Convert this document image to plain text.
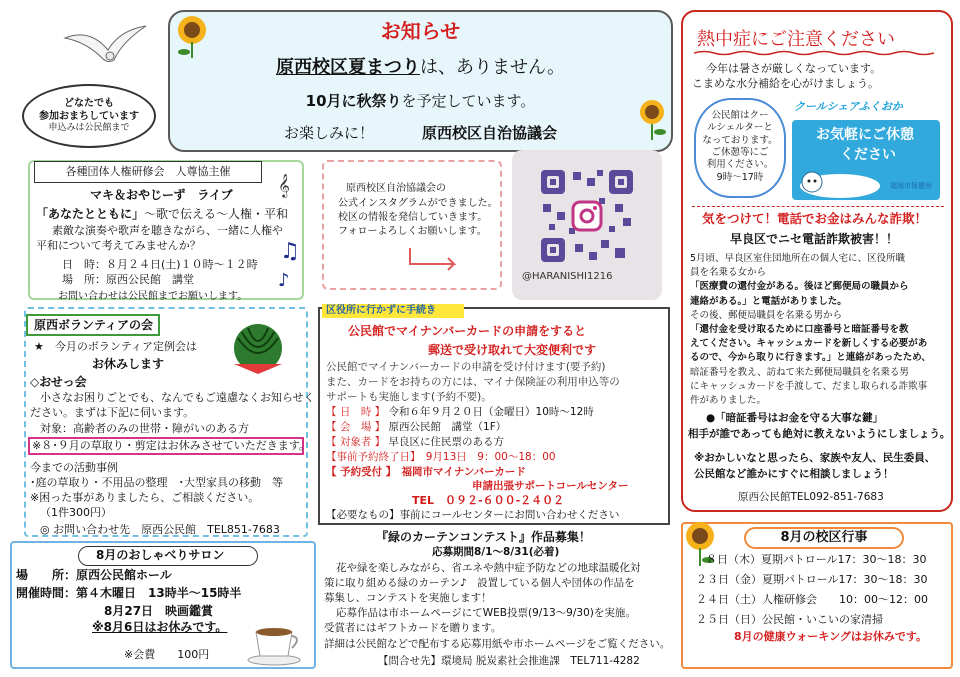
お知らせ
原西校区夏まつりは、ありません。
10月に秋祭りを予定しています。
お楽しみに！	原西校区自治協議会
どなたでも
参加おまちしています
申込みは公民館まで
各種団体人権研修会　人尊協主催
マキ＆おやじーず　ライブ
「あなたとともに」～歌で伝える～人権・平和
素敵な演奏や歌声を聴きながら、一緒に人権や
平和について考えてみませんか？
日　時：８月２４日(土)１０時～１２時
場　所：原西公民館　講堂
お問い合わせは公民館までお願いします。
𝄞
♫
♪
原西ボランティアの会
★　今月のボランティア定例会は
お休みします
◇おせっ会
小さなお困りごとでも、なんでもご遠慮なくお知らせく
ださい。まずは下記に伺います。
対象：高齢者のみの世帯・障がいのある方
※８･９月の草取り・剪定はお休みさせていただきます。
今までの活動事例
･庭の草取り・不用品の整理　･大型家具の移動　等
※困った事がありましたら、ご相談ください。
（1件300円）
◎ お問い合わせ先　原西公民館　TEL851-7683
8月のおしゃべりサロン
場　　所：原西公民館ホール
開催時間：第４木曜日　13時半～15時半
8月27日　映画鑑賞
※8月6日はお休みです。
※会費　　100円
原西校区自治協議会の
公式インスタグラムができました。
校区の情報を発信していきます。
フォローよろしくお願いします。
@HARANISHI1216
区役所に行かずに手続き
公民館でマイナンバーカードの申請をすると
郵送で受け取れて大変便利です
公民館でマイナンバーカードの申請を受け付けます(要予約)
また、カードをお持ちの方には、マイナ保険証の利用申込等の
サポートも実施します(予約不要)。
【 日　時 】 令和６年９月２０日（金曜日）10時～12時
【 会　場 】 原西公民館　講堂（1F）
【 対象者 】 早良区に住民票のある方
【事前予約終了日】　9月13日　9：00～18：00
【 予約受付 】　 福岡市マイナンバーカード
申請出張サポートコールセンター
TEL　０９２-６００-２４０２
【必要なもの】事前にコールセンターにお問い合わせください
『緑のカーテンコンテスト』作品募集！
応募期間8/1～8/31(必着)
花や緑を楽しみながら、省エネや熱中症予防などの地球温暖化対
策に取り組める緑のカーテン♪　設置している個人や団体の作品を
募集し、コンテストを実施します！
応募作品は市ホームページにてWEB投票(9/13～9/30)を実施。
受賞者にはギフトカードを贈ります。
詳細は公民館などで配布する応募用紙や市ホームページをご覧ください。
【問合せ先】環境局 脱炭素社会推進課　TEL711-4282
熱中症にご注意ください
今年は暑さが厳しくなっています。
こまめな水分補給を心がけましょう。
公民館はクー
ルシェルターと
なっております。
ご休憩等にご
利用ください。
9時～17時
クールシェアふくおか
お気軽にご休憩
ください
福岡市保健所
気をつけて！電話でお金はみんな詐欺！
早良区でニセ電話詐欺被害！！
5月頃、早良区室住団地所在の個人宅に、区役所職
員を名乗る女から
「医療費の還付金がある。後ほど郵便局の職員から
連絡がある。」と電話がありました。
その後、郵便局職員を名乗る男から
「還付金を受け取るために口座番号と暗証番号を教
えてください。キャッシュカードを新しくする必要があ
るので、今から取りに行きます。」と連絡があったため、
暗証番号を教え、訪ねて来た郵便局職員を名乗る男
にキャッシュカードを手渡して、だまし取られる詐欺事
件がありました。
●「暗証番号はお金を守る大事な鍵」
相手が誰であっても絶対に教えないようにしましょう。
※おかしいなと思ったら、家族や友人、民生委員、
公民館など誰かにすぐに相談しましょう！
原西公民館TEL092-851-7683
8月の校区行事
８日（木）夏期パトロール17：30～18：30
２３日（金）夏期パトロール17：30～18：30
２４日（土）人権研修会　　10：00～12：00
２５日（日）公民館・いこいの家清掃
8月の健康ウォーキングはお休みです。
